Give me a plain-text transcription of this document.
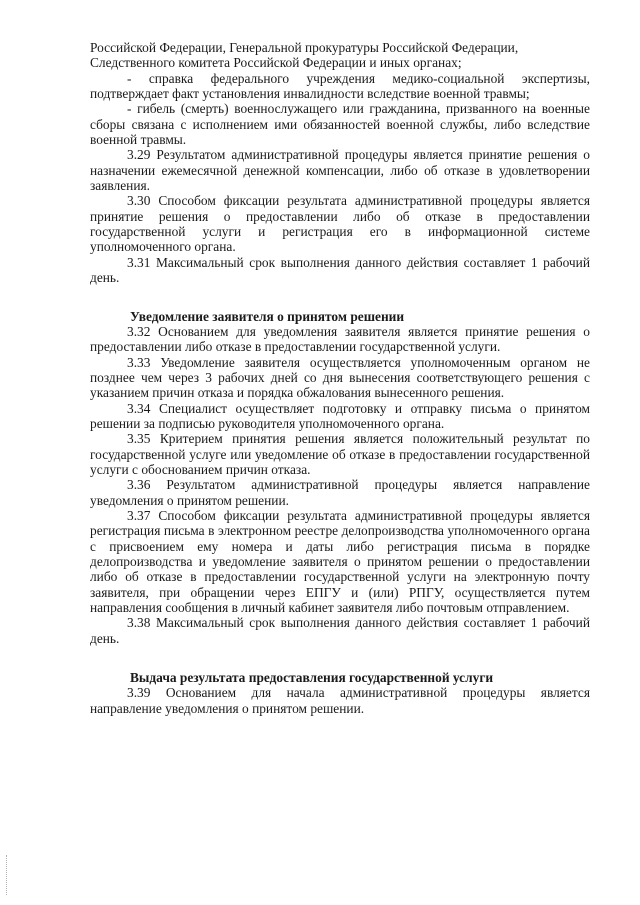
Российской Федерации, Генеральной прокуратуры Российской Федерации,

Следственного комитета Российской Федерации и иных органах;

- справка федерального учреждения медико-социальной экспертизы, подтверждает факт установления инвалидности вследствие военной травмы;

- гибель (смерть) военнослужащего или гражданина, призванного на военные сборы связана с исполнением ими обязанностей военной службы, либо вследствие военной травмы.

3.29 Результатом административной процедуры является принятие решения о назначении ежемесячной денежной компенсации, либо об отказе в удовлетворении заявления.

3.30 Способом фиксации результата административной процедуры является принятие решения о предоставлении либо об отказе в предоставлении государственной услуги и регистрация его в информационной системе уполномоченного органа.

3.31 Максимальный срок выполнения данного действия составляет 1 рабочий день.

Уведомление заявителя о принятом решении

3.32 Основанием для уведомления заявителя является принятие решения о предоставлении либо отказе в предоставлении государственной услуги.

3.33 Уведомление заявителя осуществляется уполномоченным органом не позднее чем через 3 рабочих дней со дня вынесения соответствующего решения с указанием причин отказа и порядка обжалования вынесенного решения.

3.34 Специалист осуществляет подготовку и отправку письма о принятом решении за подписью руководителя уполномоченного органа.

3.35 Критерием принятия решения является положительный результат по государственной услуге или уведомление об отказе в предоставлении государственной услуги с обоснованием причин отказа.

3.36 Результатом административной процедуры является направление уведомления о принятом решении.

3.37 Способом фиксации результата административной процедуры является регистрация письма в электронном реестре делопроизводства уполномоченного органа с присвоением ему номера и даты либо регистрация письма в порядке делопроизводства и уведомление заявителя о принятом решении о предоставлении либо об отказе в предоставлении государственной услуги на электронную почту заявителя, при обращении через ЕПГУ и (или) РПГУ, осуществляется путем направления сообщения в личный кабинет заявителя либо почтовым отправлением.

3.38 Максимальный срок выполнения данного действия составляет 1 рабочий день.

Выдача результата предоставления государственной услуги

3.39 Основанием для начала административной процедуры является направление уведомления о принятом решении.
